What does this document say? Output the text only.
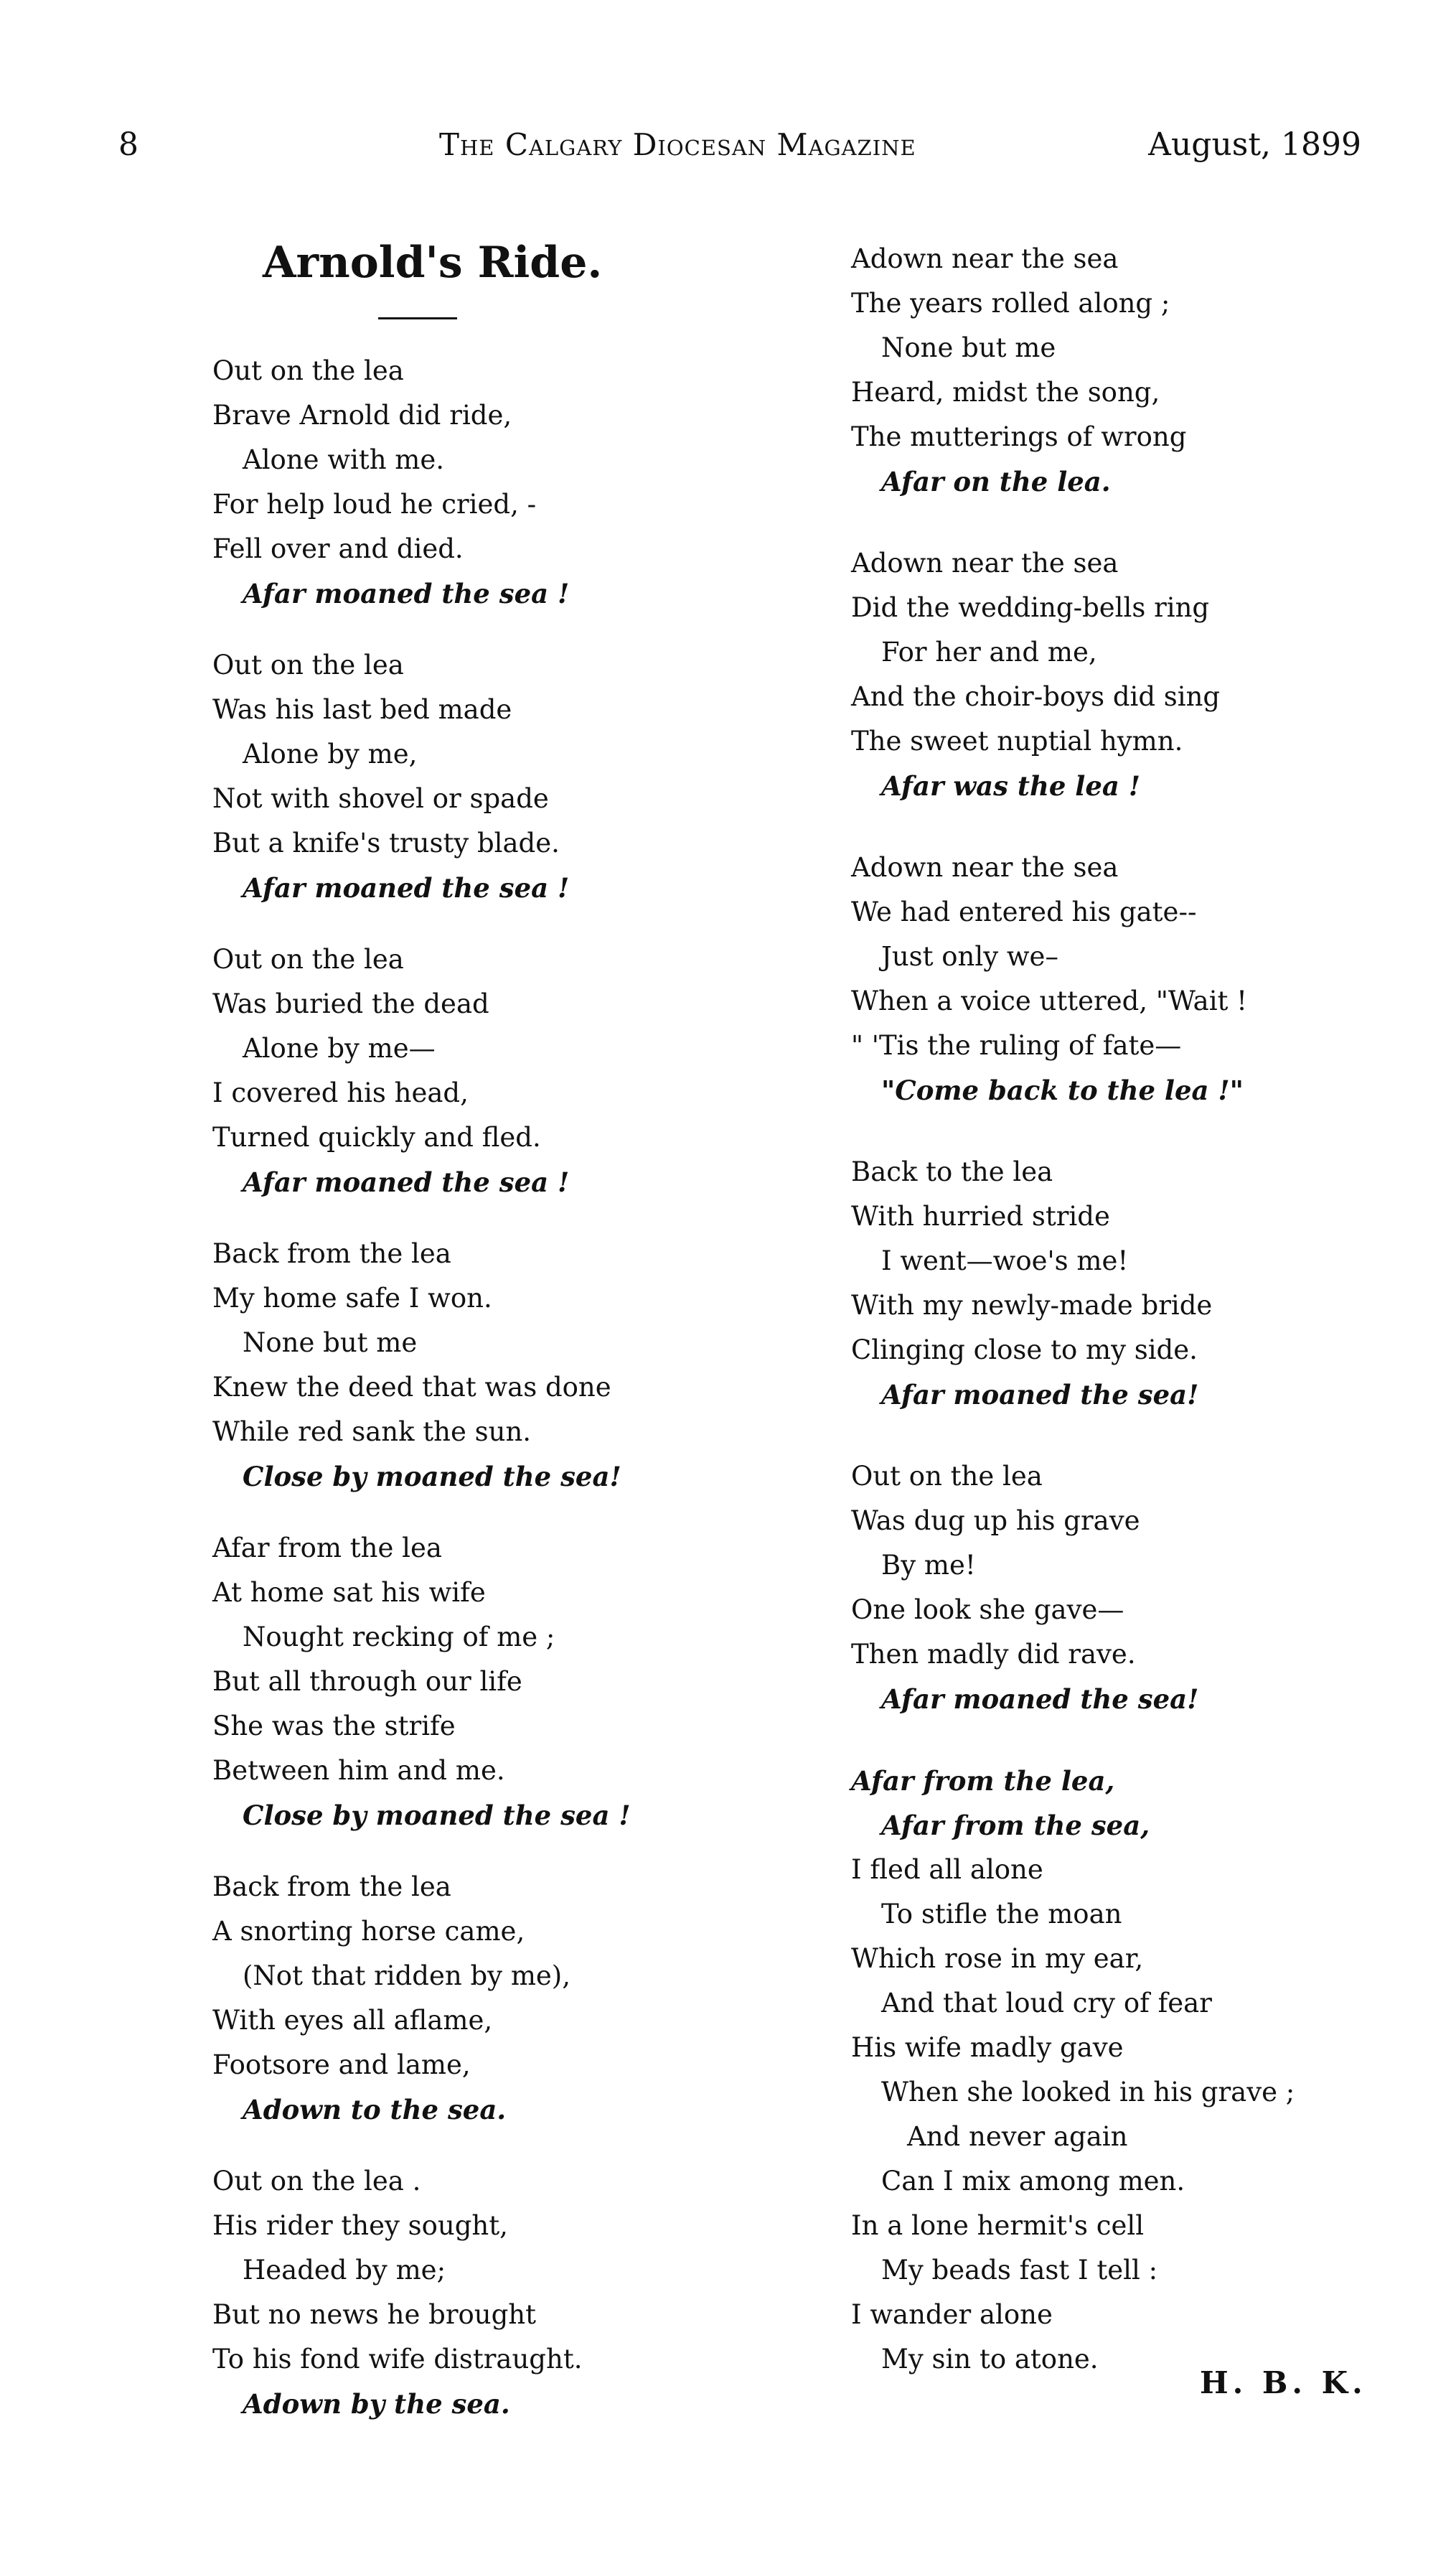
8	The Calgary Diocesan Magazine	August, 1899
Arnold's Ride.
Out on the lea
Brave Arnold did ride,
Alone with me.
For help loud he cried, -
Fell over and died.
Afar moaned the sea !
Out on the lea
Was his last bed made
Alone by me,
Not with shovel or spade
But a knife's trusty blade.
Afar moaned the sea !
Out on the lea
Was buried the dead
Alone by me—
I covered his head,
Turned quickly and fled.
Afar moaned the sea !
Back from the lea
My home safe I won.
None but me
Knew the deed that was done
While red sank the sun.
Close by moaned the sea!
Afar from the lea
At home sat his wife
Nought recking of me ;
But all through our life
She was the strife
Between him and me.
Close by moaned the sea !
Back from the lea
A snorting horse came,
(Not that ridden by me),
With eyes all aflame,
Footsore and lame,
Adown to the sea.
Out on the lea .
His rider they sought,
Headed by me;
But no news he brought
To his fond wife distraught.
Adown by the sea.
Adown near the sea
The years rolled along ;
None but me
Heard, midst the song,
The mutterings of wrong
Afar on the lea.
Adown near the sea
Did the wedding-bells ring
For her and me,
And the choir-boys did sing
The sweet nuptial hymn.
Afar was the lea !
Adown near the sea
We had entered his gate--
Just only we–
When a voice uttered, "Wait !
" 'Tis the ruling of fate—
"Come back to the lea !"
Back to the lea
With hurried stride
I went—woe's me!
With my newly-made bride
Clinging close to my side.
Afar moaned the sea!
Out on the lea
Was dug up his grave
By me!
One look she gave—
Then madly did rave.
Afar moaned the sea!
Afar from the lea,
Afar from the sea,
I fled all alone
To stifle the moan
Which rose in my ear,
And that loud cry of fear
His wife madly gave
When she looked in his grave ;
And never again
Can I mix among men.
In a lone hermit's cell
My beads fast I tell :
I wander alone
My sin to atone.
H. B. K.
